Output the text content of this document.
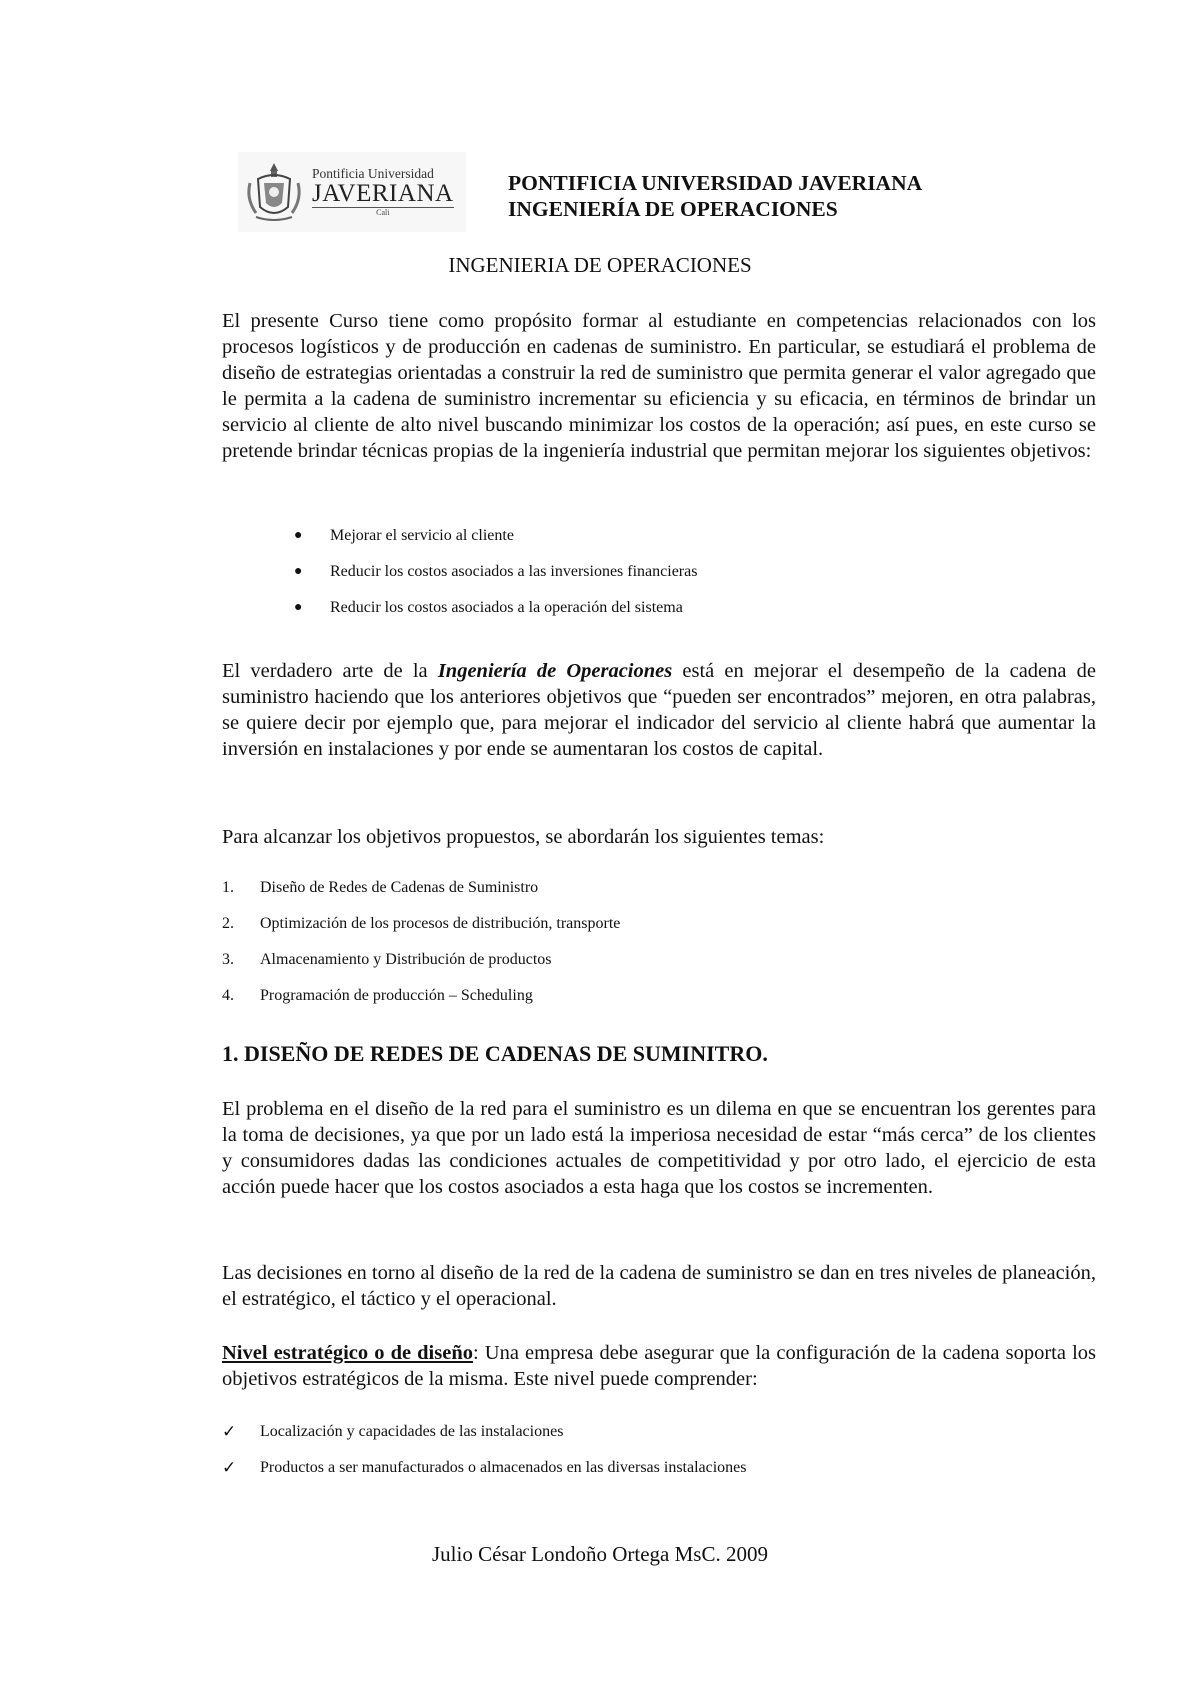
Pontificia Universidad
JAVERIANA
Cali
PONTIFICIA UNIVERSIDAD JAVERIANA
INGENIERÍA DE OPERACIONES
INGENIERIA DE OPERACIONES

El presente Curso tiene como propósito formar al estudiante en competencias relacionados con los procesos logísticos y de producción en cadenas de suministro. En particular, se estudiará el problema de diseño de estrategias orientadas a construir la red de suministro que permita generar el valor agregado que le permita a la cadena de suministro incrementar su eficiencia y su eficacia, en términos de brindar un servicio al cliente de alto nivel buscando minimizar los costos de la operación; así pues, en este curso se pretende brindar técnicas propias de la ingeniería industrial que permitan mejorar los siguientes objetivos:

●	Mejorar el servicio al cliente
●	Reducir los costos asociados a las inversiones financieras
●	Reducir los costos asociados a la operación del sistema

El verdadero arte de la Ingeniería de Operaciones está en mejorar el desempeño de la cadena de suministro haciendo que los anteriores objetivos que “pueden ser encontrados” mejoren, en otra palabras, se quiere decir por ejemplo que, para mejorar el indicador del servicio al cliente habrá que aumentar la inversión en instalaciones y por ende se aumentaran los costos de capital.

Para alcanzar los objetivos propuestos, se abordarán los siguientes temas:

1.	Diseño de Redes de Cadenas de Suministro
2.	Optimización de los procesos de distribución, transporte
3.	Almacenamiento y Distribución de productos
4.	Programación de producción – Scheduling
1. DISEÑO DE REDES DE CADENAS DE SUMINITRO.

El problema en el diseño de la red para el suministro es un dilema en que se encuentran los gerentes para la toma de decisiones, ya que por un lado está la imperiosa necesidad de estar “más cerca” de los clientes y consumidores dadas las condiciones actuales de competitividad y por otro lado, el ejercicio de esta acción puede hacer que los costos asociados a esta haga que los costos se incrementen.

Las decisiones en torno al diseño de la red de la cadena de suministro se dan en tres niveles de planeación, el estratégico, el táctico y el operacional.

Nivel estratégico o de diseño: Una empresa debe asegurar que la configuración de la cadena soporta los objetivos estratégicos de la misma. Este nivel puede comprender:

✓	Localización y capacidades de las instalaciones
✓	Productos a ser manufacturados o almacenados en las diversas instalaciones
Julio César Londoño Ortega MsC. 2009
